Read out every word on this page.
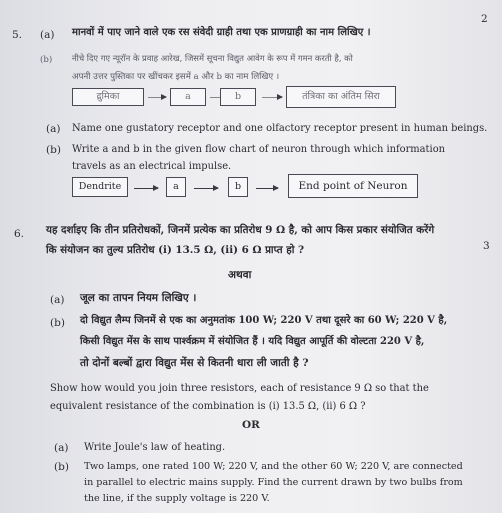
2
5. (a) मानवों में पाए जाने वाले एक रस संवेदी ग्राही तथा एक प्राणग्राही का नाम लिखिए ।
(b) नीचे दिए गए न्यूरॉन के प्रवाह आरेख, जिसमें सूचना विद्युत आवेग के रूप में गमन करती है, को
अपनी उत्तर पुस्तिका पर खींचकर इसमें a और b का नाम लिखिए ।
द्रुमिका	a	b	तंत्रिका का अंतिम सिरा
(a) Name one gustatory receptor and one olfactory receptor present in human beings.
(b) Write a and b in the given flow chart of neuron through which information
travels as an electrical impulse.
Dendrite	a	b	End point of Neuron
6. यह दर्शाइए कि तीन प्रतिरोधकों, जिनमें प्रत्येक का प्रतिरोध 9 Ω है, को आप किस प्रकार संयोजित करेंगे
3
कि संयोजन का तुल्य प्रतिरोध (i) 13.5 Ω, (ii) 6 Ω प्राप्त हो ?
अथवा
(a) जूल का तापन नियम लिखिए ।
(b) दो विद्युत लैम्प जिनमें से एक का अनुमतांक 100 W; 220 V तथा दूसरे का 60 W; 220 V है,
किसी विद्युत मेंस के साथ पार्श्वक्रम में संयोजित हैं । यदि विद्युत आपूर्ति की वोल्टता 220 V है,
तो दोनों बल्बों द्वारा विद्युत मेंस से कितनी धारा ली जाती है ?
Show how would you join three resistors, each of resistance 9 Ω so that the
equivalent resistance of the combination is (i) 13.5 Ω, (ii) 6 Ω ?
OR
(a) Write Joule's law of heating.
(b) Two lamps, one rated 100 W; 220 V, and the other 60 W; 220 V, are connected
in parallel to electric mains supply. Find the current drawn by two bulbs from
the line, if the supply voltage is 220 V.
